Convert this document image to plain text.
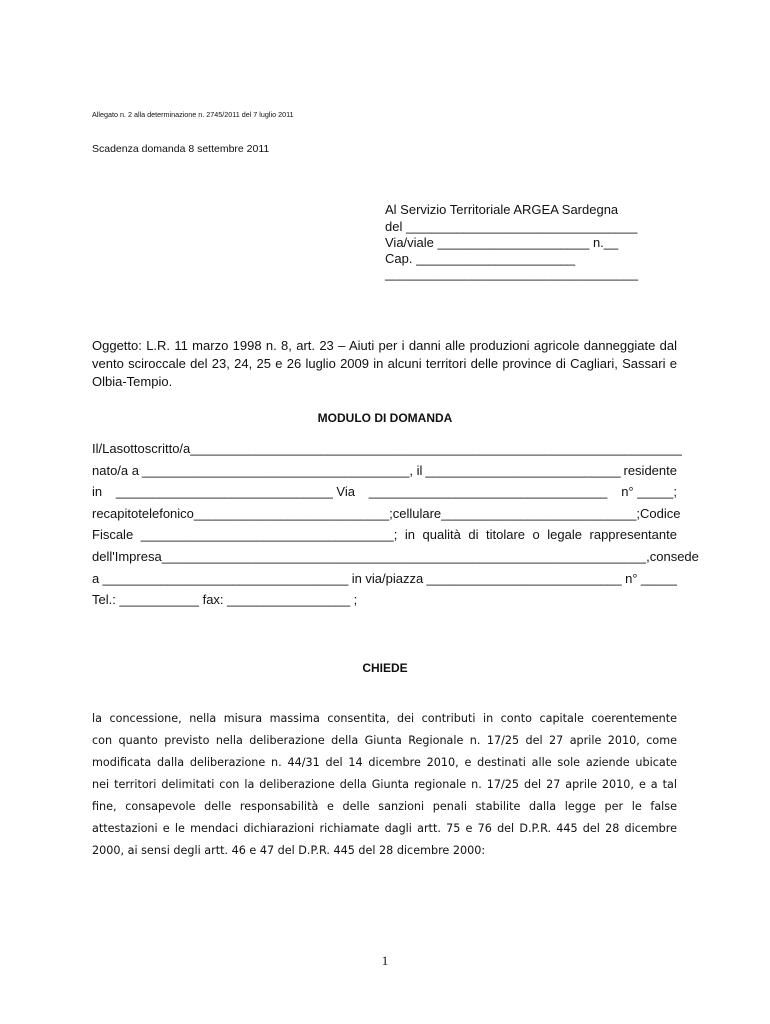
Allegato n. 2 alla determinazione n. 2745/2011 del 7 luglio 2011
Scadenza domanda 8 settembre 2011
Al Servizio Territoriale ARGEA Sardegna
del ________________________________
Via/viale _____________________ n.__
Cap. ______________________
___________________________________
Oggetto: L.R. 11 marzo 1998 n. 8, art. 23 – Aiuti per i danni alle produzioni agricole danneggiate dal vento sciroccale del 23, 24, 25 e 26 luglio 2009 in alcuni territori delle province di Cagliari, Sassari e Olbia-Tempio.
MODULO DI DOMANDA
Il/La sottoscritto/a____________________________________________________________________
nato/a a _____________________________________, il ___________________________ residente
in ______________________________ Via _________________________________ n° _____;
recapito telefonico___________________________; cellulare ___________________________; Codice
Fiscale ___________________________________; in qualità di titolare o legale rappresentante
dell'Impresa ___________________________________________________________________, con sede
a __________________________________ in via/piazza ___________________________ n° _____
Tel.: ___________ fax: _________________ ;
CHIEDE
la concessione, nella misura massima consentita, dei contributi in conto capitale coerentemente
con quanto previsto nella deliberazione della Giunta Regionale n. 17/25 del 27 aprile 2010, come
modificata dalla deliberazione n. 44/31 del 14 dicembre 2010, e destinati alle sole aziende ubicate
nei territori delimitati con la deliberazione della Giunta regionale n. 17/25 del 27 aprile 2010, e a tal
fine, consapevole delle responsabilità e delle sanzioni penali stabilite dalla legge per le false
attestazioni e le mendaci dichiarazioni richiamate dagli artt. 75 e 76 del D.P.R. 445 del 28 dicembre
2000, ai sensi degli artt. 46 e 47 del D.P.R. 445 del 28 dicembre 2000:
1
